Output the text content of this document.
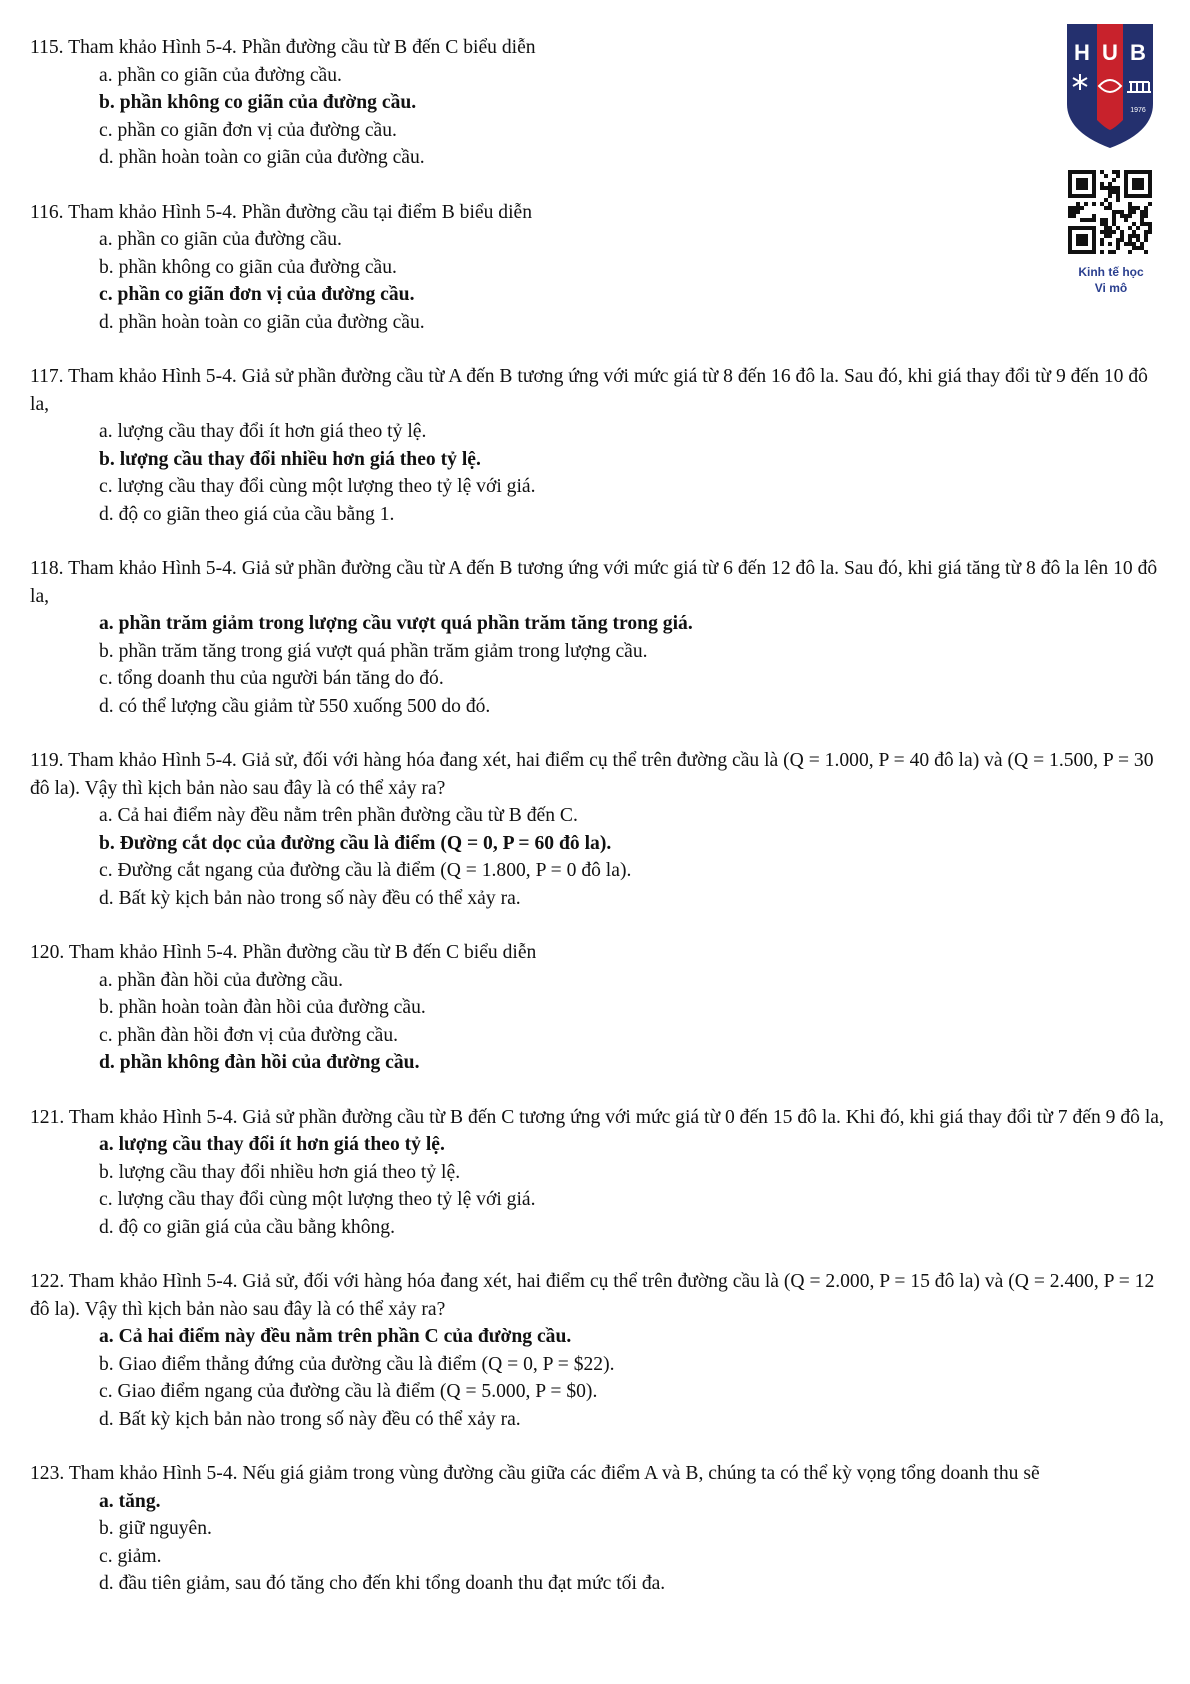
H U B
1976
Kinh tế học
Vi mô
115. Tham khảo Hình 5-4. Phần đường cầu từ B đến C biểu diễn
a. phần co giãn của đường cầu.
b. phần không co giãn của đường cầu.
c. phần co giãn đơn vị của đường cầu.
d. phần hoàn toàn co giãn của đường cầu.
116. Tham khảo Hình 5-4. Phần đường cầu tại điểm B biểu diễn
a. phần co giãn của đường cầu.
b. phần không co giãn của đường cầu.
c. phần co giãn đơn vị của đường cầu.
d. phần hoàn toàn co giãn của đường cầu.
117. Tham khảo Hình 5-4. Giả sử phần đường cầu từ A đến B tương ứng với mức giá từ 8 đến 16 đô la. Sau đó, khi giá thay đổi từ 9 đến 10 đô la,
a. lượng cầu thay đổi ít hơn giá theo tỷ lệ.
b. lượng cầu thay đổi nhiều hơn giá theo tỷ lệ.
c. lượng cầu thay đổi cùng một lượng theo tỷ lệ với giá.
d. độ co giãn theo giá của cầu bằng 1.
118. Tham khảo Hình 5-4. Giả sử phần đường cầu từ A đến B tương ứng với mức giá từ 6 đến 12 đô la. Sau đó, khi giá tăng từ 8 đô la lên 10 đô la,
a. phần trăm giảm trong lượng cầu vượt quá phần trăm tăng trong giá.
b. phần trăm tăng trong giá vượt quá phần trăm giảm trong lượng cầu.
c. tổng doanh thu của người bán tăng do đó.
d. có thể lượng cầu giảm từ 550 xuống 500 do đó.
119. Tham khảo Hình 5-4. Giả sử, đối với hàng hóa đang xét, hai điểm cụ thể trên đường cầu là (Q = 1.000, P = 40 đô la) và (Q = 1.500, P = 30 đô la). Vậy thì kịch bản nào sau đây là có thể xảy ra?
a. Cả hai điểm này đều nằm trên phần đường cầu từ B đến C.
b. Đường cắt dọc của đường cầu là điểm (Q = 0, P = 60 đô la).
c. Đường cắt ngang của đường cầu là điểm (Q = 1.800, P = 0 đô la).
d. Bất kỳ kịch bản nào trong số này đều có thể xảy ra.
120. Tham khảo Hình 5-4. Phần đường cầu từ B đến C biểu diễn
a. phần đàn hồi của đường cầu.
b. phần hoàn toàn đàn hồi của đường cầu.
c. phần đàn hồi đơn vị của đường cầu.
d. phần không đàn hồi của đường cầu.
121. Tham khảo Hình 5-4. Giả sử phần đường cầu từ B đến C tương ứng với mức giá từ 0 đến 15 đô la. Khi đó, khi giá thay đổi từ 7 đến 9 đô la,
a. lượng cầu thay đổi ít hơn giá theo tỷ lệ.
b. lượng cầu thay đổi nhiều hơn giá theo tỷ lệ.
c. lượng cầu thay đổi cùng một lượng theo tỷ lệ với giá.
d. độ co giãn giá của cầu bằng không.
122. Tham khảo Hình 5-4. Giả sử, đối với hàng hóa đang xét, hai điểm cụ thể trên đường cầu là (Q = 2.000, P = 15 đô la) và (Q = 2.400, P = 12 đô la). Vậy thì kịch bản nào sau đây là có thể xảy ra?
a. Cả hai điểm này đều nằm trên phần C của đường cầu.
b. Giao điểm thẳng đứng của đường cầu là điểm (Q = 0, P = $22).
c. Giao điểm ngang của đường cầu là điểm (Q = 5.000, P = $0).
d. Bất kỳ kịch bản nào trong số này đều có thể xảy ra.
123. Tham khảo Hình 5-4. Nếu giá giảm trong vùng đường cầu giữa các điểm A và B, chúng ta có thể kỳ vọng tổng doanh thu sẽ
a. tăng.
b. giữ nguyên.
c. giảm.
d. đầu tiên giảm, sau đó tăng cho đến khi tổng doanh thu đạt mức tối đa.
